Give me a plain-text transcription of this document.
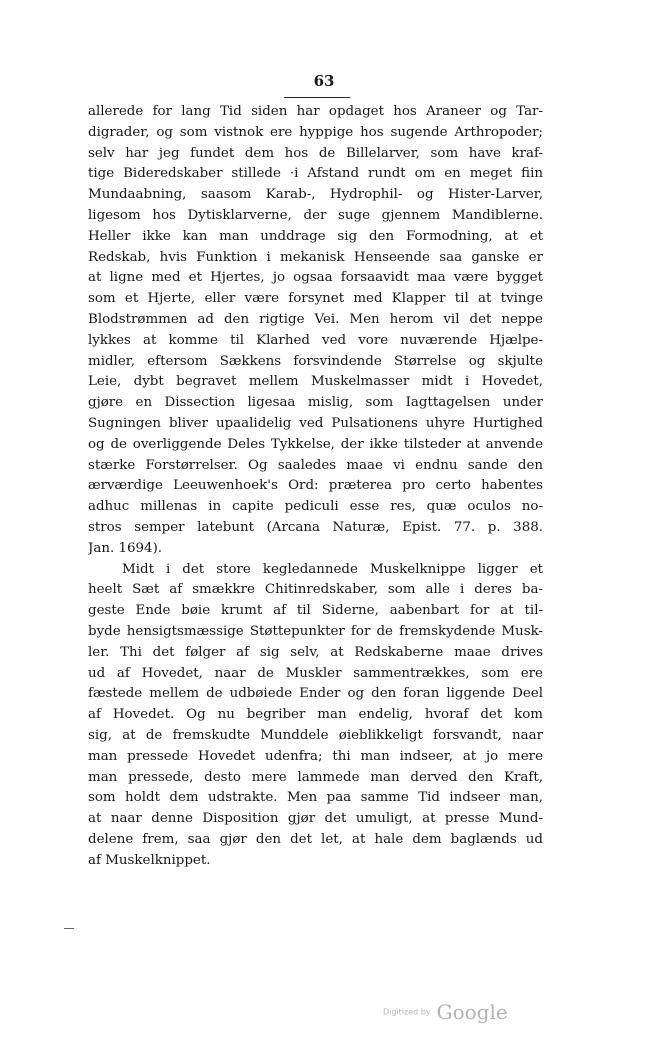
63
allerede for lang Tid siden har opdaget hos Araneer og Tar-
digrader, og som vistnok ere hyppige hos sugende Arthropoder;
selv har jeg fundet dem hos de Billelarver, som have kraf-
tige Bideredskaber stillede ·i Afstand rundt om en meget fiin
Mundaabning, saasom Karab-, Hydrophil- og Hister-Larver,
ligesom hos Dytisklarverne, der suge gjennem Mandiblerne.
Heller ikke kan man unddrage sig den Formodning, at et
Redskab, hvis Funktion i mekanisk Henseende saa ganske er
at ligne med et Hjertes, jo ogsaa forsaavidt maa være bygget
som et Hjerte, eller være forsynet med Klapper til at tvinge
Blodstrømmen ad den rigtige Vei. Men herom vil det neppe
lykkes at komme til Klarhed ved vore nuværende Hjælpe-
midler, eftersom Sækkens forsvindende Størrelse og skjulte
Leie, dybt begravet mellem Muskelmasser midt i Hovedet,
gjøre en Dissection ligesaa mislig, som Iagttagelsen under
Sugningen bliver upaalidelig ved Pulsationens uhyre Hurtighed
og de overliggende Deles Tykkelse, der ikke tilsteder at anvende
stærke Forstørrelser. Og saaledes maae vi endnu sande den
ærværdige Leeuwenhoek's Ord: præterea pro certo habentes
adhuc millenas in capite pediculi esse res, quæ oculos no-
stros semper latebunt (Arcana Naturæ, Epist. 77. p. 388.
Jan. 1694).
Midt i det store kegledannede Muskelknippe ligger et
heelt Sæt af smækkre Chitinredskaber, som alle i deres ba-
geste Ende bøie krumt af til Siderne, aabenbart for at til-
byde hensigtsmæssige Støttepunkter for de fremskydende Musk-
ler. Thi det følger af sig selv, at Redskaberne maae drives
ud af Hovedet, naar de Muskler sammentrækkes, som ere
fæstede mellem de udbøiede Ender og den foran liggende Deel
af Hovedet. Og nu begriber man endelig, hvoraf det kom
sig, at de fremskudte Munddele øieblikkeligt forsvandt, naar
man pressede Hovedet udenfra; thi man indseer, at jo mere
man pressede, desto mere lammede man derved den Kraft,
som holdt dem udstrakte. Men paa samme Tid indseer man,
at naar denne Disposition gjør det umuligt, at presse Mund-
delene frem, saa gjør den det let, at hale dem baglænds ud
af Muskelknippet.
Digitized by Google
